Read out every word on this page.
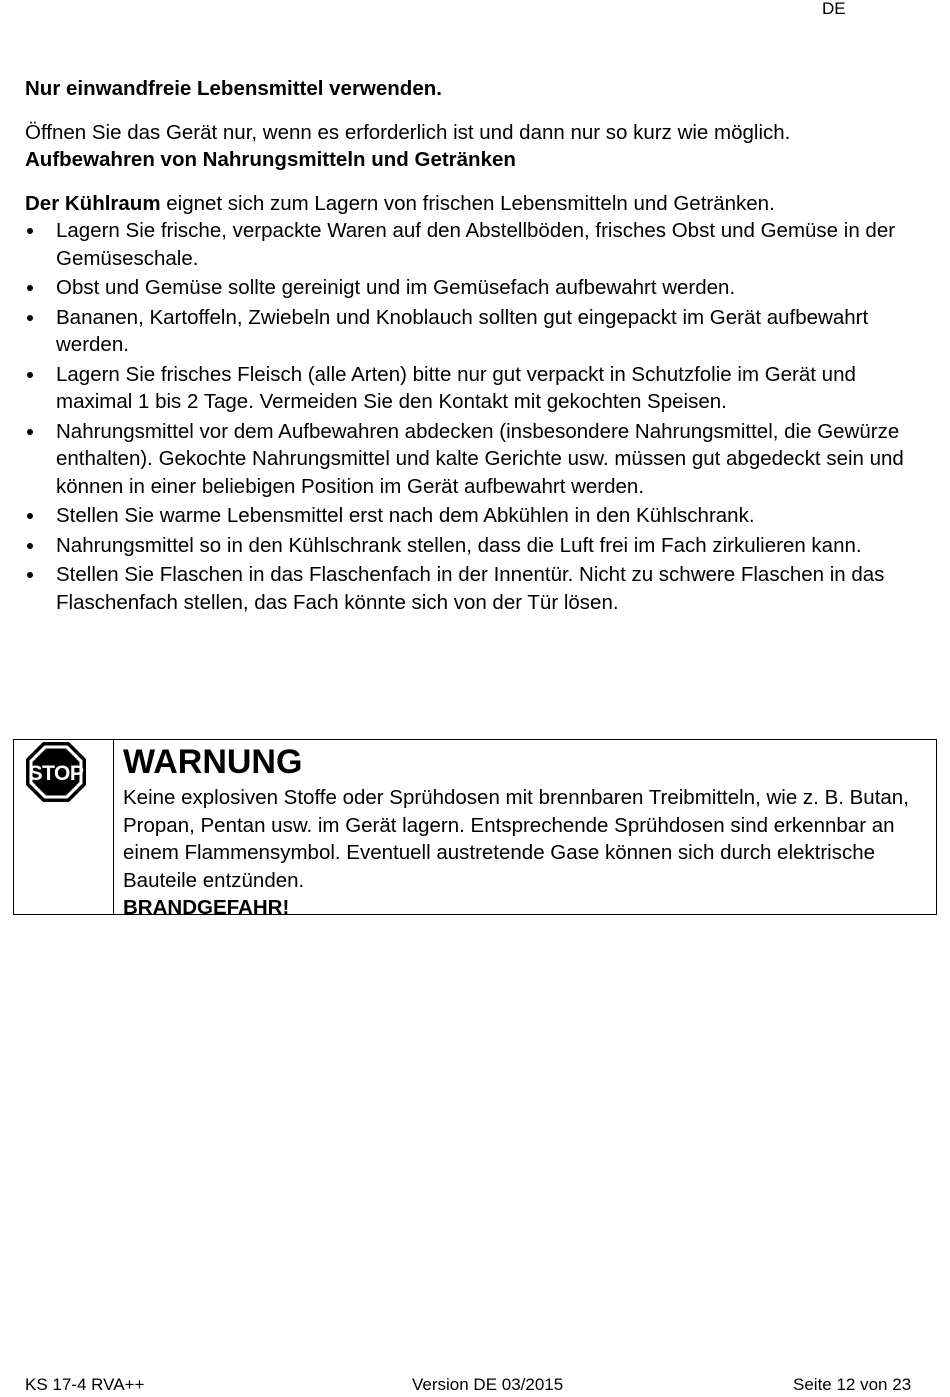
DE

Nur einwandfreie Lebensmittel verwenden.

Öffnen Sie das Gerät nur, wenn es erforderlich ist und dann nur so kurz wie möglich.

Aufbewahren von Nahrungsmitteln und Getränken

Der Kühlraum eignet sich zum Lagern von frischen Lebensmitteln und Getränken.

Lagern Sie frische, verpackte Waren auf den Abstellböden, frisches Obst und Gemüse in der Gemüseschale.
Obst und Gemüse sollte gereinigt und im Gemüsefach aufbewahrt werden.
Bananen, Kartoffeln, Zwiebeln und Knoblauch sollten gut eingepackt im Gerät aufbewahrt werden.
Lagern Sie frisches Fleisch (alle Arten) bitte nur gut verpackt in Schutzfolie im Gerät und maximal 1 bis 2 Tage. Vermeiden Sie den Kontakt mit gekochten Speisen.
Nahrungsmittel vor dem Aufbewahren abdecken (insbesondere Nahrungsmittel, die Gewürze enthalten). Gekochte Nahrungsmittel und kalte Gerichte usw. müssen gut abgedeckt sein und können in einer beliebigen Position im Gerät aufbewahrt werden.
Stellen Sie warme Lebensmittel erst nach dem Abkühlen in den Kühlschrank.
Nahrungsmittel so in den Kühlschrank stellen, dass die Luft frei im Fach zirkulieren kann.
Stellen Sie Flaschen in das Flaschenfach in der Innentür. Nicht zu schwere Flaschen in das Flaschenfach stellen, das Fach könnte sich von der Tür lösen.
STOP WARNUNG

Keine explosiven Stoffe oder Sprühdosen mit brennbaren Treibmitteln, wie z. B. Butan, Propan, Pentan usw. im Gerät lagern. Entsprechende Sprühdosen sind erkennbar an einem Flammensymbol. Eventuell austretende Gase können sich durch elektrische Bauteile entzünden.

BRANDGEFAHR!

KS 17-4 RVA++	Version DE 03/2015	Seite 12 von 23
